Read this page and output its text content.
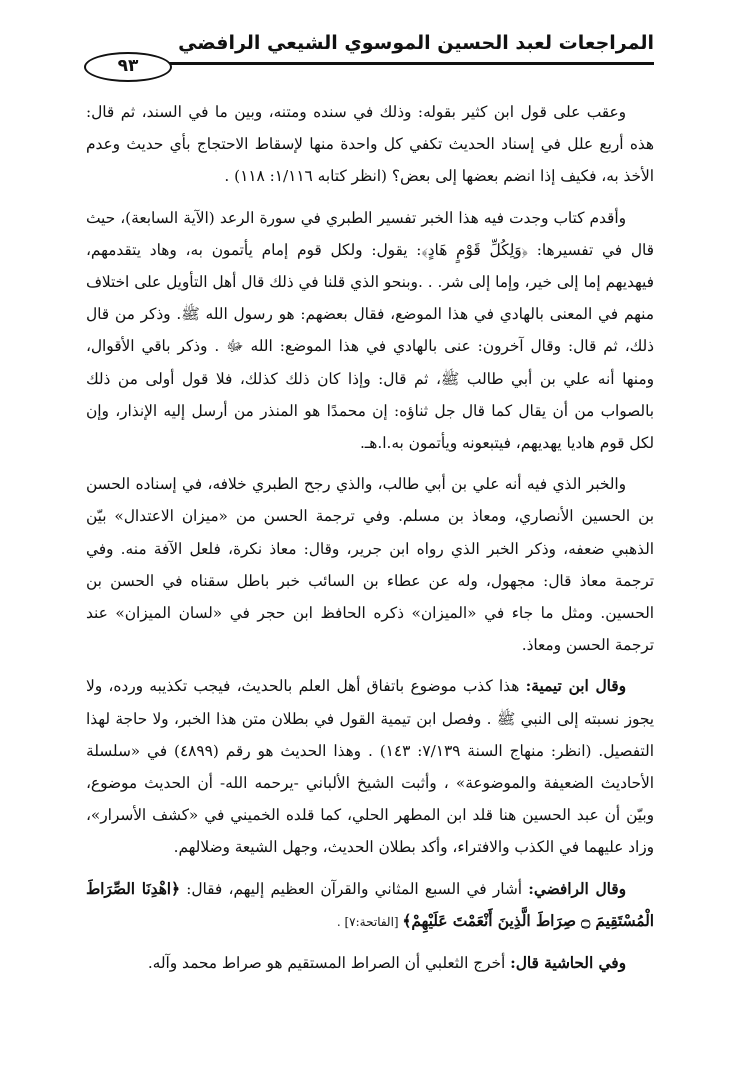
المراجعات لعبد الحسين الموسوي الشيعي الرافضي
٩٣

وعقب على قول ابن كثير بقوله: وذلك في سنده ومتنه، وبين ما في السند، ثم قال: هذه أربع علل في إسناد الحديث تكفي كل واحدة منها لإسقاط الاحتجاج بأي حديث وعدم الأخذ به، فكيف إذا انضم بعضها إلى بعض؟ (انظر كتابه ١/١١٦: ١١٨) .

وأقدم كتاب وجدت فيه هذا الخبر تفسير الطبري في سورة الرعد (الآية السابعة)، حيث قال في تفسيرها: ﴿وَلِكُلِّ قَوْمٍ هَادٍ﴾: يقول: ولكل قوم إمام يأتمون به، وهاد يتقدمهم، فيهديهم إما إلى خير، وإما إلى شر. . .وبنحو الذي قلنا في ذلك قال أهل التأويل على اختلاف منهم في المعنى بالهادي في هذا الموضع، فقال بعضهم: هو رسول الله ﷺ. وذكر من قال ذلك، ثم قال: وقال آخرون: عنى بالهادي في هذا الموضع: الله ﷻ . وذكر باقي الأقوال، ومنها أنه علي بن أبي طالب ﷺ، ثم قال: وإذا كان ذلك كذلك، فلا قول أولى من ذلك بالصواب من أن يقال كما قال جل ثناؤه: إن محمدًا هو المنذر من أرسل إليه الإنذار، وإن لكل قوم هاديا يهديهم، فيتبعونه ويأتمون به.ا.هـ.

والخبر الذي فيه أنه علي بن أبي طالب، والذي رجح الطبري خلافه، في إسناده الحسن بن الحسين الأنصاري، ومعاذ بن مسلم. وفي ترجمة الحسن من «ميزان الاعتدال» بيّن الذهبي ضعفه، وذكر الخبر الذي رواه ابن جرير، وقال: معاذ نكرة، فلعل الآفة منه. وفي ترجمة معاذ قال: مجهول، وله عن عطاء بن السائب خبر باطل سقناه في الحسن بن الحسين. ومثل ما جاء في «الميزان» ذكره الحافظ ابن حجر في «لسان الميزان» عند ترجمة الحسن ومعاذ.

وقال ابن تيمية: هذا كذب موضوع باتفاق أهل العلم بالحديث، فيجب تكذيبه ورده، ولا يجوز نسبته إلى النبي ﷺ . وفصل ابن تيمية القول في بطلان متن هذا الخبر، ولا حاجة لهذا التفصيل. (انظر: منهاج السنة ٧/١٣٩: ١٤٣) . وهذا الحديث هو رقم (٤٨٩٩) في «سلسلة الأحاديث الضعيفة والموضوعة» ، وأثبت الشيخ الألباني -يرحمه الله- أن الحديث موضوع، وبيّن أن عبد الحسين هنا قلد ابن المطهر الحلي، كما قلده الخميني في «كشف الأسرار»، وزاد عليهما في الكذب والافتراء، وأكد بطلان الحديث، وجهل الشيعة وضلالهم.

وقال الرافضي: أشار في السبع المثاني والقرآن العظيم إليهم، فقال: ﴿اهْدِنَا الصِّرَاطَ الْمُسْتَقِيمَ ۝ صِرَاطَ الَّذِينَ أَنْعَمْتَ عَلَيْهِمْ﴾ [الفاتحة:٧] .

وفي الحاشية قال: أخرج الثعلبي أن الصراط المستقيم هو صراط محمد وآله.
